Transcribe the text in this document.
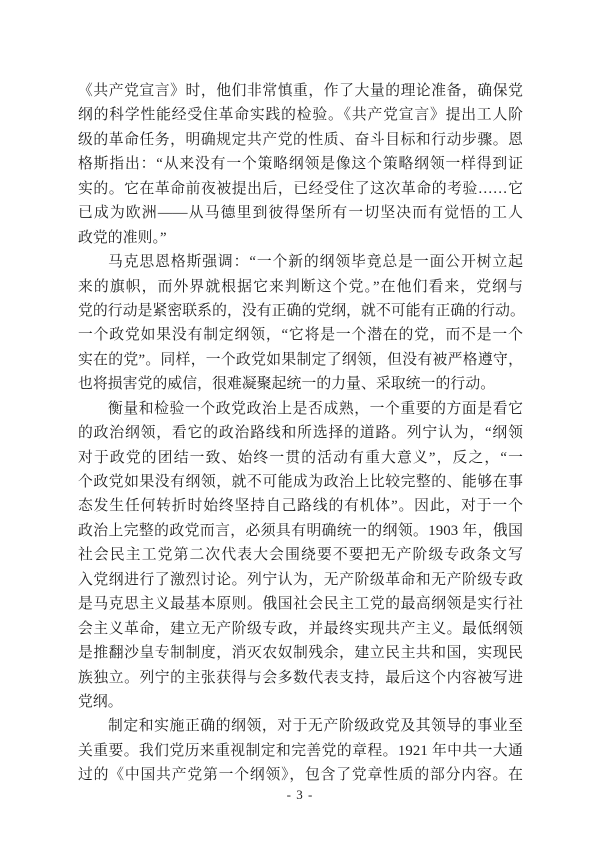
《共产党宣言》时，他们非常慎重，作了大量的理论准备，确保党
纲的科学性能经受住革命实践的检验。《共产党宣言》提出工人阶
级的革命任务，明确规定共产党的性质、奋斗目标和行动步骤。恩
格斯指出：“从来没有一个策略纲领是像这个策略纲领一样得到证
实的。它在革命前夜被提出后，已经受住了这次革命的考验……它
已成为欧洲——从马德里到彼得堡所有一切坚决而有觉悟的工人
政党的准则。”
马克思恩格斯强调：“一个新的纲领毕竟总是一面公开树立起
来的旗帜，而外界就根据它来判断这个党。”在他们看来，党纲与
党的行动是紧密联系的，没有正确的党纲，就不可能有正确的行动。
一个政党如果没有制定纲领，“它将是一个潜在的党，而不是一个
实在的党”。同样，一个政党如果制定了纲领，但没有被严格遵守，
也将损害党的威信，很难凝聚起统一的力量、采取统一的行动。
衡量和检验一个政党政治上是否成熟，一个重要的方面是看它
的政治纲领，看它的政治路线和所选择的道路。列宁认为，“纲领
对于政党的团结一致、始终一贯的活动有重大意义”，反之，“一
个政党如果没有纲领，就不可能成为政治上比较完整的、能够在事
态发生任何转折时始终坚持自己路线的有机体”。因此，对于一个
政治上完整的政党而言，必须具有明确统一的纲领。1903 年，俄国
社会民主工党第二次代表大会围绕要不要把无产阶级专政条文写
入党纲进行了激烈讨论。列宁认为，无产阶级革命和无产阶级专政
是马克思主义最基本原则。俄国社会民主工党的最高纲领是实行社
会主义革命，建立无产阶级专政，并最终实现共产主义。最低纲领
是推翻沙皇专制制度，消灭农奴制残余，建立民主共和国，实现民
族独立。列宁的主张获得与会多数代表支持，最后这个内容被写进
党纲。
制定和实施正确的纲领，对于无产阶级政党及其领导的事业至
关重要。我们党历来重视制定和完善党的章程。1921 年中共一大通
过的《中国共产党第一个纲领》，包含了党章性质的部分内容。在
- 3 -
